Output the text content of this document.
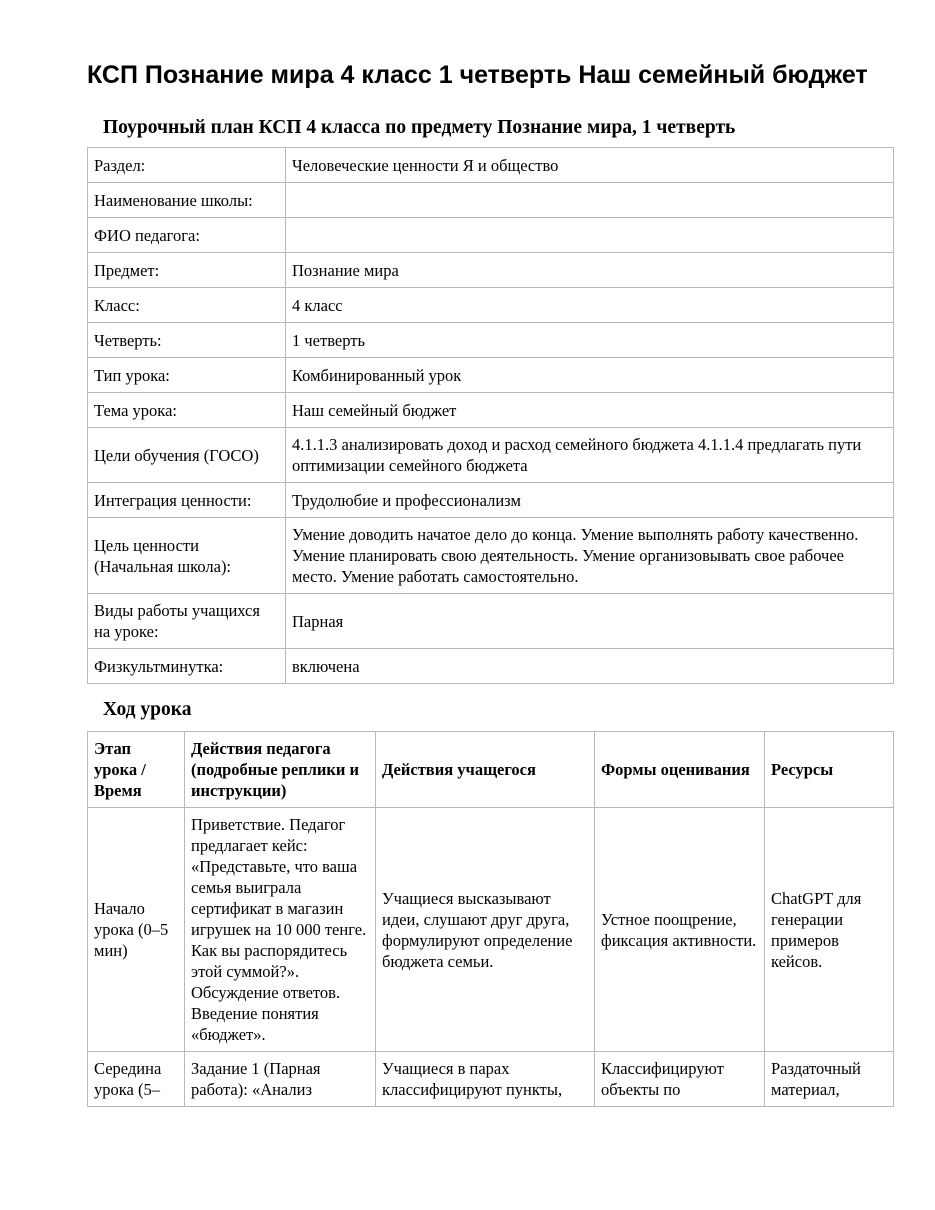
КСП Познание мира 4 класс 1 четверть Наш семейный бюджет
Поурочный план КСП 4 класса по предмету Познание мира, 1 четверть
Раздел:	Человеческие ценности Я и общество
Наименование школы:	
ФИО педагога:	
Предмет:	Познание мира
Класс:	4 класс
Четверть:	1 четверть
Тип урока:	Комбинированный урок
Тема урока:	Наш семейный бюджет
Цели обучения (ГОСО)	4.1.1.3 анализировать доход и расход семейного бюджета 4.1.1.4 предлагать пути оптимизации семейного бюджета
Интеграция ценности:	Трудолюбие и профессионализм
Цель ценности (Начальная школа):	Умение доводить начатое дело до конца. Умение выполнять работу качественно. Умение планировать свою деятельность. Умение организовывать свое рабочее место. Умение работать самостоятельно.
Виды работы учащихся на уроке:	Парная
Физкультминутка:	включена
Ход урока
Этап урока / Время	Действия педагога (подробные реплики и инструкции)	Действия учащегося	Формы оценивания	Ресурсы
Начало урока (0–5 мин)	Приветствие. Педагог предлагает кейс: «Представьте, что ваша семья выиграла сертификат в магазин игрушек на 10 000 тенге. Как вы распорядитесь этой суммой?». Обсуждение ответов. Введение понятия «бюджет».	Учащиеся высказывают идеи, слушают друг друга, формулируют определение бюджета семьи.	Устное поощрение, фиксация активности.	ChatGPT для генерации примеров кейсов.

Середина урока (5–	Задание 1 (Парная работа): «Анализ	Учащиеся в парах классифицируют пункты,	Классифицируют объекты по	Раздаточный материал,
